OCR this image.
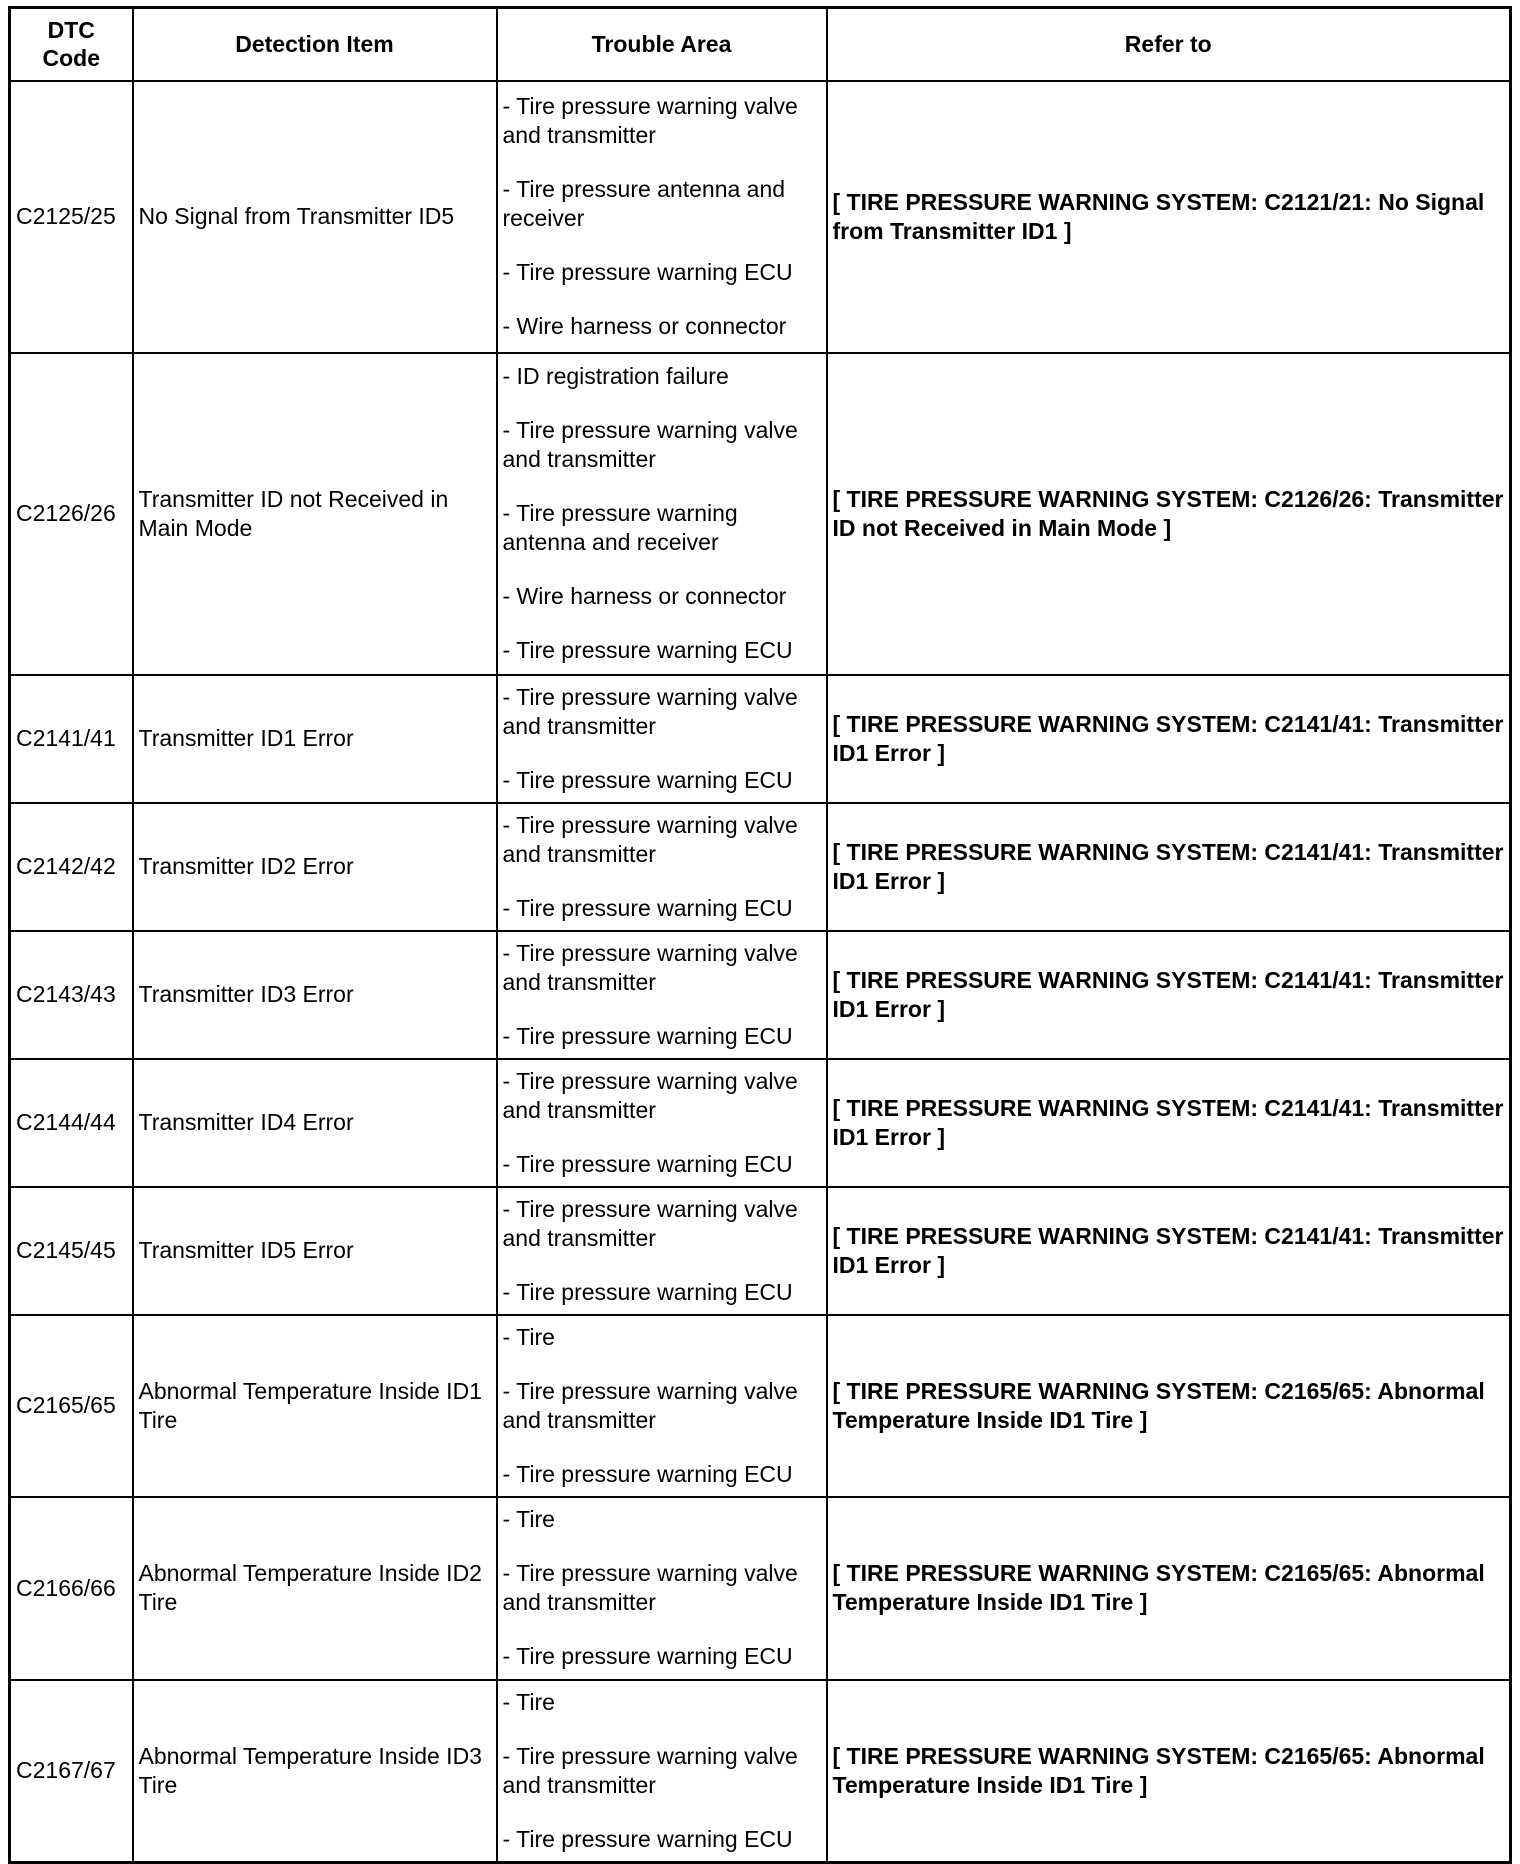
DTC Code	Detection Item	Trouble Area	Refer to
C2125/25	No Signal from Transmitter ID5	- Tire pressure warning valve and transmitter
- Tire pressure antenna and receiver
- Tire pressure warning ECU
- Wire harness or connector	[ TIRE PRESSURE WARNING SYSTEM: C2121/21: No Signal from Transmitter ID1 ]
C2126/26	Transmitter ID not Received in Main Mode	- ID registration failure
- Tire pressure warning valve and transmitter
- Tire pressure warning antenna and receiver
- Wire harness or connector
- Tire pressure warning ECU	[ TIRE PRESSURE WARNING SYSTEM: C2126/26: Transmitter ID not Received in Main Mode ]
C2141/41	Transmitter ID1 Error	- Tire pressure warning valve and transmitter
- Tire pressure warning ECU	[ TIRE PRESSURE WARNING SYSTEM: C2141/41: Transmitter ID1 Error ]
C2142/42	Transmitter ID2 Error	- Tire pressure warning valve and transmitter
- Tire pressure warning ECU	[ TIRE PRESSURE WARNING SYSTEM: C2141/41: Transmitter ID1 Error ]
C2143/43	Transmitter ID3 Error	- Tire pressure warning valve and transmitter
- Tire pressure warning ECU	[ TIRE PRESSURE WARNING SYSTEM: C2141/41: Transmitter ID1 Error ]
C2144/44	Transmitter ID4 Error	- Tire pressure warning valve and transmitter
- Tire pressure warning ECU	[ TIRE PRESSURE WARNING SYSTEM: C2141/41: Transmitter ID1 Error ]
C2145/45	Transmitter ID5 Error	- Tire pressure warning valve and transmitter
- Tire pressure warning ECU	[ TIRE PRESSURE WARNING SYSTEM: C2141/41: Transmitter ID1 Error ]
C2165/65	Abnormal Temperature Inside ID1 Tire	- Tire
- Tire pressure warning valve and transmitter
- Tire pressure warning ECU	[ TIRE PRESSURE WARNING SYSTEM: C2165/65: Abnormal Temperature Inside ID1 Tire ]
C2166/66	Abnormal Temperature Inside ID2 Tire	- Tire
- Tire pressure warning valve and transmitter
- Tire pressure warning ECU	[ TIRE PRESSURE WARNING SYSTEM: C2165/65: Abnormal Temperature Inside ID1 Tire ]
C2167/67	Abnormal Temperature Inside ID3 Tire	- Tire
- Tire pressure warning valve and transmitter
- Tire pressure warning ECU	[ TIRE PRESSURE WARNING SYSTEM: C2165/65: Abnormal Temperature Inside ID1 Tire ]
